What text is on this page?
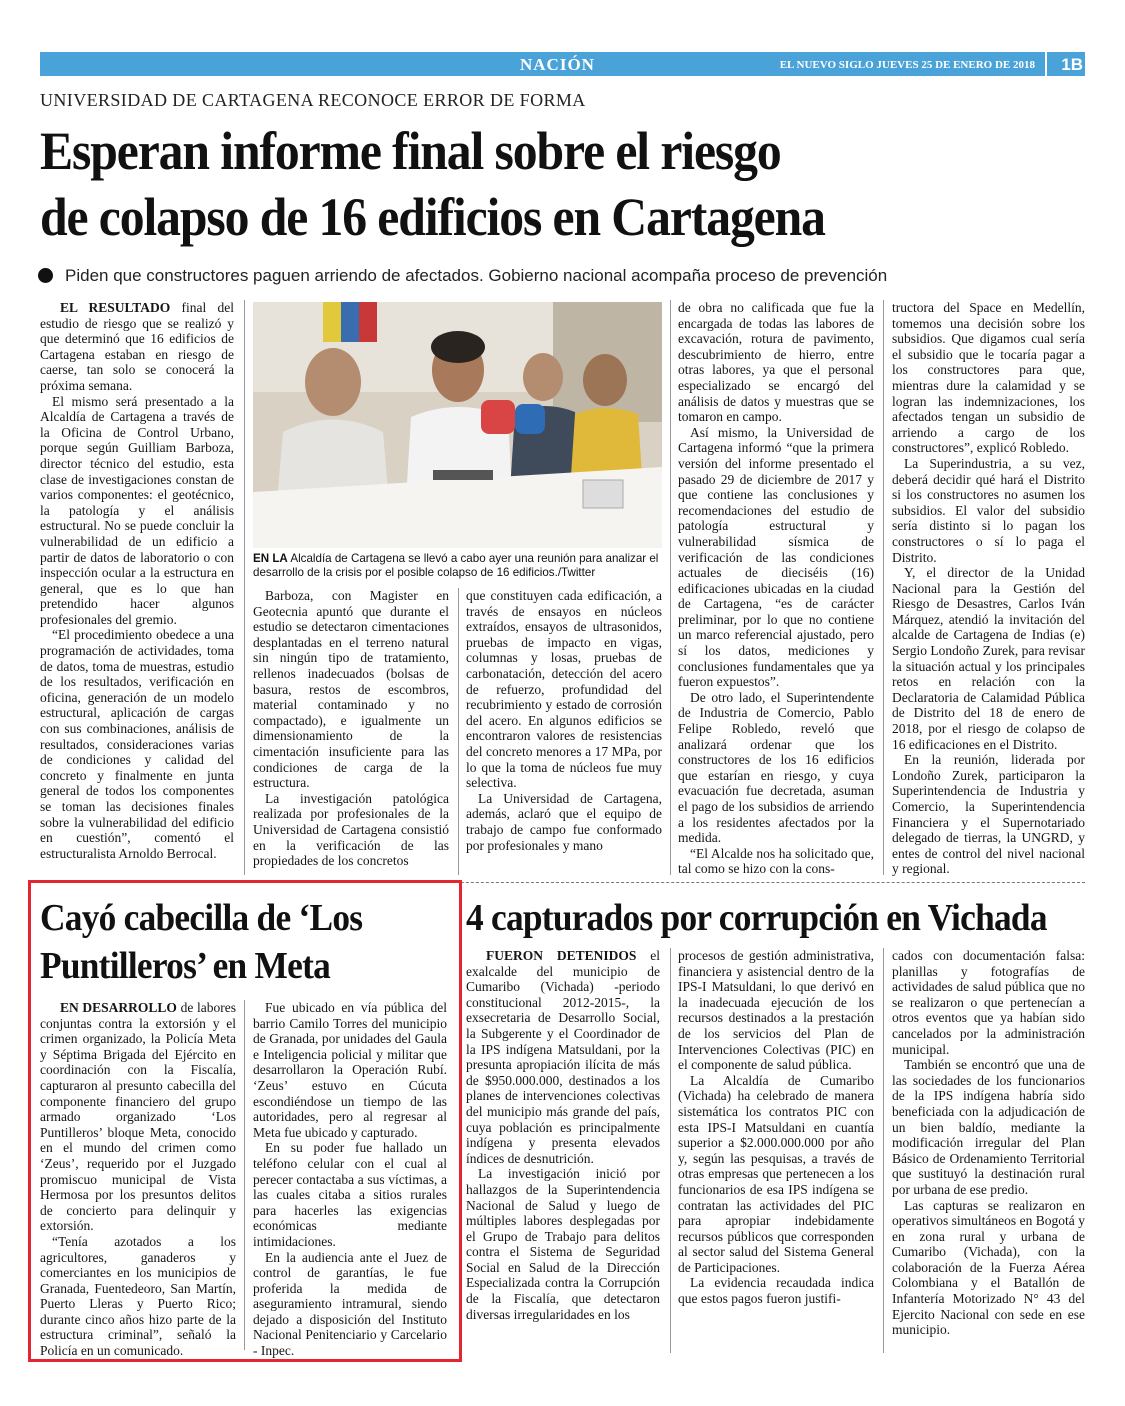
NACIÓN	EL NUEVO SIGLO JUEVES 25 DE ENERO DE 2018 1B
UNIVERSIDAD DE CARTAGENA RECONOCE ERROR DE FORMA
Esperan informe final sobre el riesgo
de colapso de 16 edificios en Cartagena
Piden que constructores paguen arriendo de afectados. Gobierno nacional acompaña proceso de prevención

EL RESULTADO final del estudio de riesgo que se realizó y que determinó que 16 edificios de Cartagena estaban en riesgo de caerse, tan solo se conocerá la próxima semana.

El mismo será presentado a la Alcaldía de Cartagena a través de la Oficina de Control Urbano, porque según Guilliam Barboza, director técnico del estudio, esta clase de investigaciones constan de varios componentes: el geotécnico, la patología y el análisis estructural. No se puede concluir la vulnerabilidad de un edificio a partir de datos de laboratorio o con inspección ocular a la estructura en general, que es lo que han pretendido hacer algunos profesionales del gremio.

“El procedimiento obedece a una programación de actividades, toma de datos, toma de muestras, estudio de los resultados, verificación en oficina, generación de un modelo estructural, aplicación de cargas con sus combinaciones, análisis de resultados, consideraciones varias de condiciones y calidad del concreto y finalmente en junta general de todos los componentes se toman las decisiones finales sobre la vulnerabilidad del edificio en cuestión”, comentó el estructuralista Arnoldo Berrocal.

EN LA Alcaldía de Cartagena se llevó a cabo ayer una reunión para analizar el desarrollo de la crisis por el posible colapso de 16 edificios./Twitter

Barboza, con Magister en Geotecnia apuntó que durante el estudio se detectaron cimentaciones desplantadas en el terreno natural sin ningún tipo de tratamiento, rellenos inadecuados (bolsas de basura, restos de escombros, material contaminado y no compactado), e igualmente un dimensionamiento de la cimentación insuficiente para las condiciones de carga de la estructura.

La investigación patológica realizada por profesionales de la Universidad de Cartagena consistió en la verificación de las propiedades de los concretos

que constituyen cada edificación, a través de ensayos en núcleos extraídos, ensayos de ultrasonidos, pruebas de impacto en vigas, columnas y losas, pruebas de carbonatación, detección del acero de refuerzo, profundidad del recubrimiento y estado de corrosión del acero. En algunos edificios se encontraron valores de resistencias del concreto menores a 17 MPa, por lo que la toma de núcleos fue muy selectiva.

La Universidad de Cartagena, además, aclaró que el equipo de trabajo de campo fue conformado por profesionales y mano

de obra no calificada que fue la encargada de todas las labores de excavación, rotura de pavimento, descubrimiento de hierro, entre otras labores, ya que el personal especializado se encargó del análisis de datos y muestras que se tomaron en campo.

Así mismo, la Universidad de Cartagena informó “que la primera versión del informe presentado el pasado 29 de diciembre de 2017 y que contiene las conclusiones y recomendaciones del estudio de patología estructural y vulnerabilidad sísmica de verificación de las condiciones actuales de dieciséis (16) edificaciones ubicadas en la ciudad de Cartagena, “es de carácter preliminar, por lo que no contiene un marco referencial ajustado, pero sí los datos, mediciones y conclusiones fundamentales que ya fueron expuestos”.

De otro lado, el Superintendente de Industria de Comercio, Pablo Felipe Robledo, reveló que analizará ordenar que los constructores de los 16 edificios que estarían en riesgo, y cuya evacuación fue decretada, asuman el pago de los subsidios de arriendo a los residentes afectados por la medida.

“El Alcalde nos ha solicitado que, tal como se hizo con la cons-

tructora del Space en Medellín, tomemos una decisión sobre los subsidios. Que digamos cual sería el subsidio que le tocaría pagar a los constructores para que, mientras dure la calamidad y se logran las indemnizaciones, los afectados tengan un subsidio de arriendo a cargo de los constructores”, explicó Robledo.

La Superindustria, a su vez, deberá decidir qué hará el Distrito si los constructores no asumen los subsidios. El valor del subsidio sería distinto si lo pagan los constructores o sí lo paga el Distrito.

Y, el director de la Unidad Nacional para la Gestión del Riesgo de Desastres, Carlos Iván Márquez, atendió la invitación del alcalde de Cartagena de Indias (e) Sergio Londoño Zurek, para revisar la situación actual y los principales retos en relación con la Declaratoria de Calamidad Pública de Distrito del 18 de enero de 2018, por el riesgo de colapso de 16 edificaciones en el Distrito.

En la reunión, liderada por Londoño Zurek, participaron la Superintendencia de Industria y Comercio, la Superintendencia Financiera y el Supernotariado delegado de tierras, la UNGRD, y entes de control del nivel nacional y regional.

Cayó cabecilla de ‘Los
Puntilleros’ en Meta

EN DESARROLLO de labores conjuntas contra la extorsión y el crimen organizado, la Policía Meta y Séptima Brigada del Ejército en coordinación con la Fiscalía, capturaron al presunto cabecilla del componente financiero del grupo armado organizado ‘Los Puntilleros’ bloque Meta, conocido en el mundo del crimen como ‘Zeus’, requerido por el Juzgado promiscuo municipal de Vista Hermosa por los presuntos delitos de concierto para delinquir y extorsión.

“Tenía azotados a los agricultores, ganaderos y comerciantes en los municipios de Granada, Fuentedeoro, San Martín, Puerto Lleras y Puerto Rico; durante cinco años hizo parte de la estructura criminal”, señaló la Policía en un comunicado.

Fue ubicado en vía pública del barrio Camilo Torres del municipio de Granada, por unidades del Gaula e Inteligencia policial y militar que desarrollaron la Operación Rubí. ‘Zeus’ estuvo en Cúcuta escondiéndose un tiempo de las autoridades, pero al regresar al Meta fue ubicado y capturado.

En su poder fue hallado un teléfono celular con el cual al perecer contactaba a sus víctimas, a las cuales citaba a sitios rurales para hacerles las exigencias económicas mediante intimidaciones.

En la audiencia ante el Juez de control de garantías, le fue proferida la medida de aseguramiento intramural, siendo dejado a disposición del Instituto Nacional Penitenciario y Carcelario - Inpec.

4 capturados por corrupción en Vichada

FUERON DETENIDOS el exalcalde del municipio de Cumaribo (Vichada) -periodo constitucional 2012-2015-, la exsecretaria de Desarrollo Social, la Subgerente y el Coordinador de la IPS indígena Matsuldani, por la presunta apropiación ilícita de más de $950.000.000, destinados a los planes de intervenciones colectivas del municipio más grande del país, cuya población es principalmente indígena y presenta elevados índices de desnutrición.

La investigación inició por hallazgos de la Superintendencia Nacional de Salud y luego de múltiples labores desplegadas por el Grupo de Trabajo para delitos contra el Sistema de Seguridad Social en Salud de la Dirección Especializada contra la Corrupción de la Fiscalía, que detectaron diversas irregularidades en los

procesos de gestión administrativa, financiera y asistencial dentro de la IPS-I Matsuldani, lo que derivó en la inadecuada ejecución de los recursos destinados a la prestación de los servicios del Plan de Intervenciones Colectivas (PIC) en el componente de salud pública.

La Alcaldía de Cumaribo (Vichada) ha celebrado de manera sistemática los contratos PIC con esta IPS-I Matsuldani en cuantía superior a $2.000.000.000 por año y, según las pesquisas, a través de otras empresas que pertenecen a los funcionarios de esa IPS indígena se contratan las actividades del PIC para apropiar indebidamente recursos públicos que corresponden al sector salud del Sistema General de Participaciones.

La evidencia recaudada indica que estos pagos fueron justifi-

cados con documentación falsa: planillas y fotografías de actividades de salud pública que no se realizaron o que pertenecían a otros eventos que ya habían sido cancelados por la administración municipal.

También se encontró que una de las sociedades de los funcionarios de la IPS indígena habría sido beneficiada con la adjudicación de un bien baldío, mediante la modificación irregular del Plan Básico de Ordenamiento Territorial que sustituyó la destinación rural por urbana de ese predio.

Las capturas se realizaron en operativos simultáneos en Bogotá y en zona rural y urbana de Cumaribo (Vichada), con la colaboración de la Fuerza Aérea Colombiana y el Batallón de Infantería Motorizado N° 43 del Ejercito Nacional con sede en ese municipio.
